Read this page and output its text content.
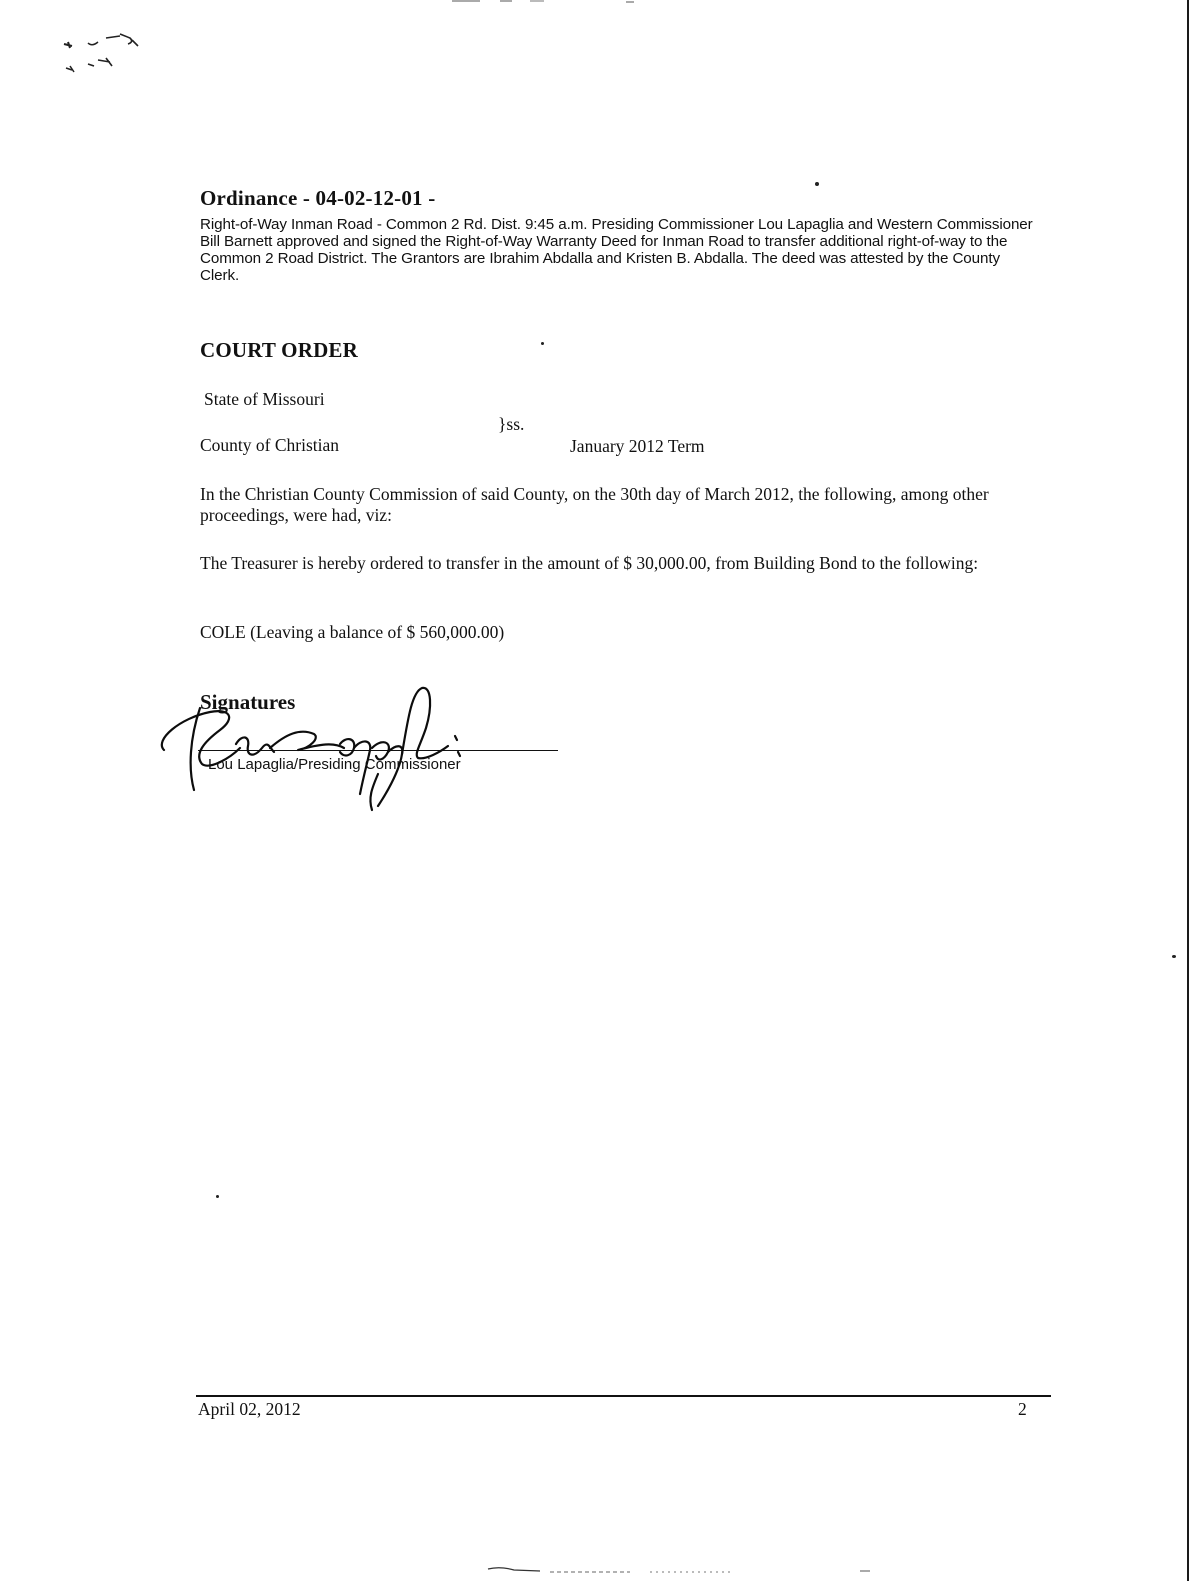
Ordinance - 04-02-12-01 -
Right-of-Way Inman Road - Common 2 Rd. Dist. 9:45 a.m. Presiding Commissioner Lou Lapaglia and Western Commissioner Bill Barnett approved and signed the Right-of-Way Warranty Deed for Inman Road to transfer additional right-of-way to the Common 2 Road District. The Grantors are Ibrahim Abdalla and Kristen B. Abdalla. The deed was attested by the County Clerk.
COURT ORDER
State of Missouri
}ss.
County of Christian	January 2012 Term
In the Christian County Commission of said County, on the 30th day of March 2012, the following, among other proceedings, were had, viz:
The Treasurer is hereby ordered to transfer in the amount of $ 30,000.00, from Building Bond to the following:
COLE (Leaving a balance of $ 560,000.00)
Signatures
Lou Lapaglia/Presiding Commissioner
April 02, 2012	2
